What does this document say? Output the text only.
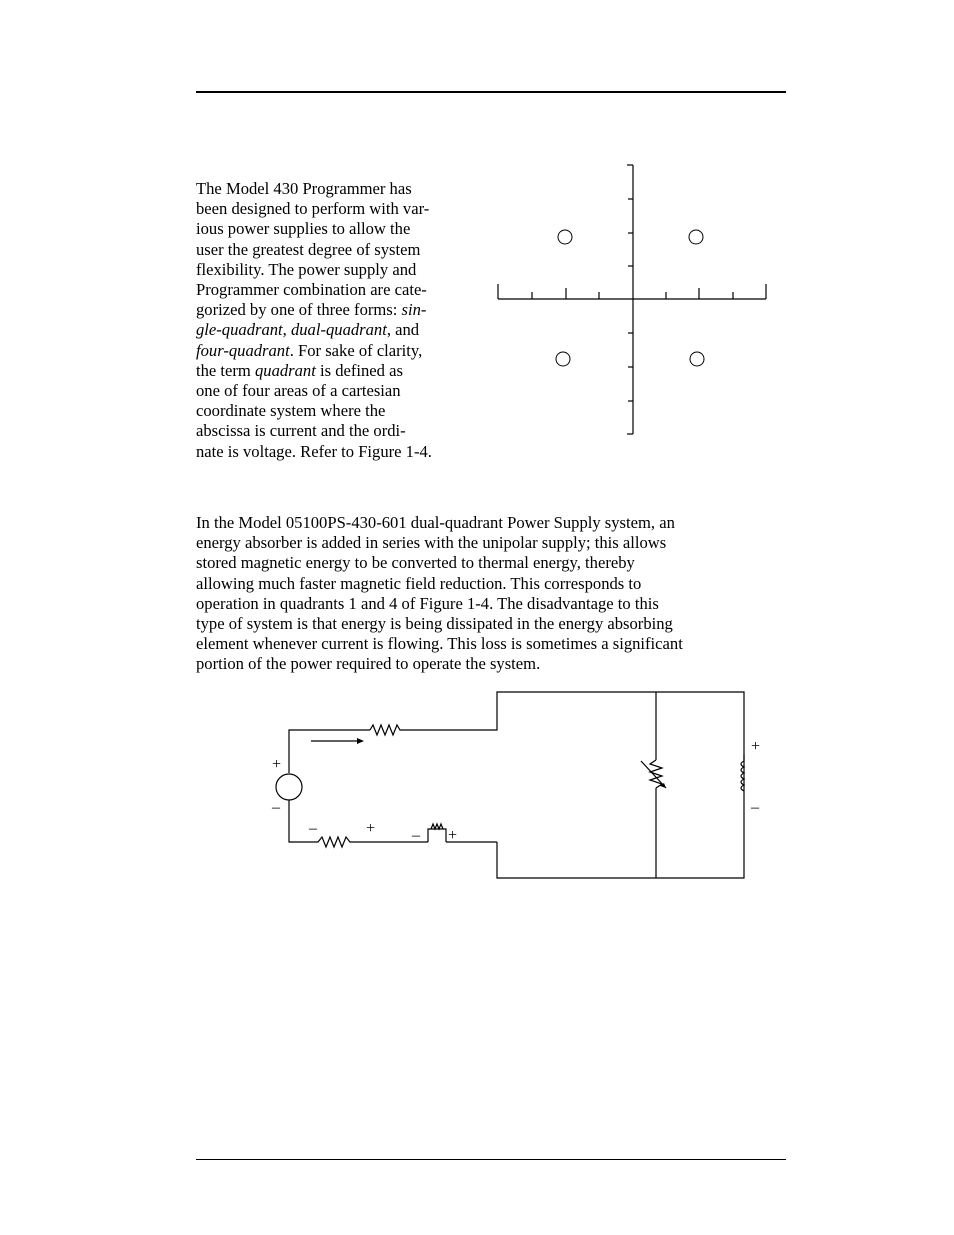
The Model 430 Programmer has
been designed to perform with var-
ious power supplies to allow the
user the greatest degree of system
flexibility. The power supply and
Programmer combination are cate-
gorized by one of three forms: sin-
gle-quadrant, dual-quadrant, and
four-quadrant. For sake of clarity,
the term quadrant is defined as
one of four areas of a cartesian
coordinate system where the
abscissa is current and the ordi-
nate is voltage. Refer to Figure 1-4.

In the Model 05100PS-430-601 dual-quadrant Power Supply system, an
energy absorber is added in series with the unipolar supply; this allows
stored magnetic energy to be converted to thermal energy, thereby
allowing much faster magnetic field reduction. This corresponds to
operation in quadrants 1 and 4 of Figure 1-4. The disadvantage to this
type of system is that energy is being dissipated in the energy absorbing
element whenever current is flowing. This loss is sometimes a significant
portion of the power required to operate the system.

+
–
–	+ – +
+
–
